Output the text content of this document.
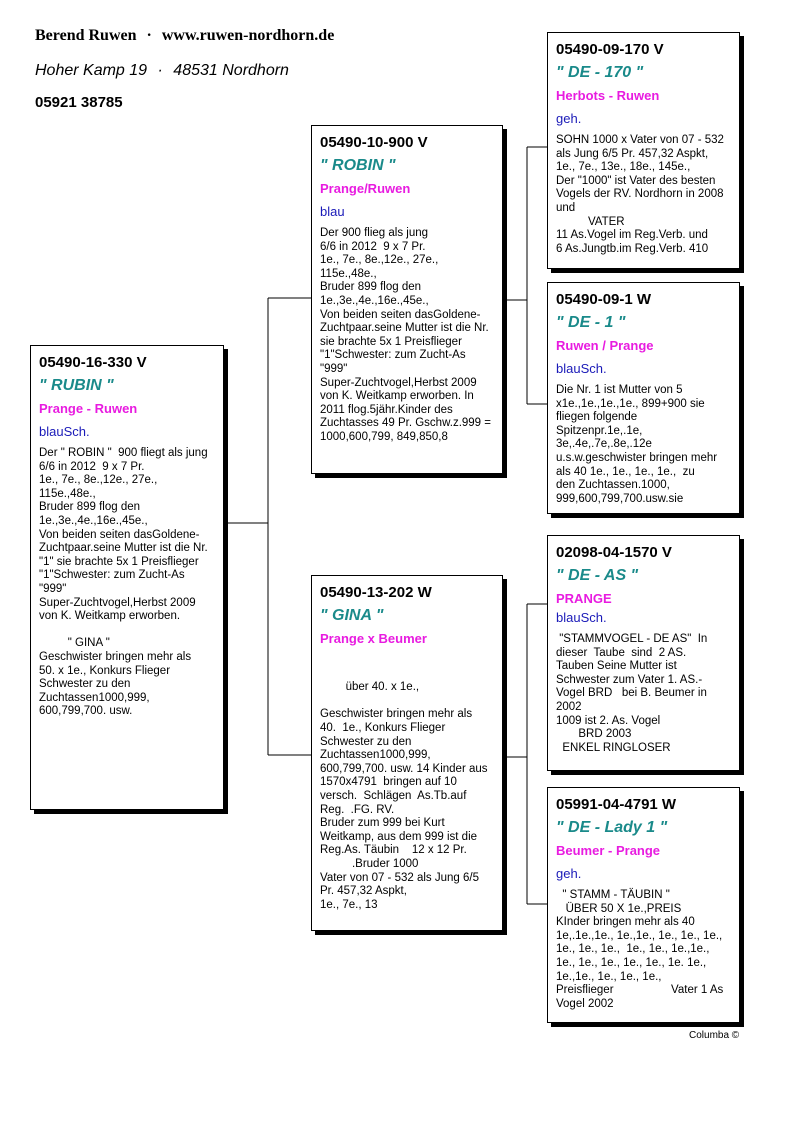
Berend Ruwen · www.ruwen-nordhorn.de
Hoher Kamp 19 · 48531 Nordhorn
05921 38785
05490-16-330 V
" RUBIN "
Prange - Ruwen
blauSch.
Der " ROBIN "  900 fliegt als jung
6/6 in 2012  9 x 7 Pr.
1e., 7e., 8e.,12e., 27e.,
115e.,48e.,
Bruder 899 flog den
1e.,3e.,4e.,16e.,45e.,
Von beiden seiten dasGoldene-
Zuchtpaar.seine Mutter ist die Nr.
"1" sie brachte 5x 1 Preisflieger
"1"Schwester: zum Zucht-As
"999"
Super-Zuchtvogel,Herbst 2009
von K. Weitkamp erworben.

" GINA "
Geschwister bringen mehr als
50. x 1e., Konkurs Flieger
Schwester zu den
Zuchtassen1000,999,
600,799,700. usw.
05490-10-900 V
" ROBIN "
Prange/Ruwen
blau
Der 900 flieg als jung
6/6 in 2012  9 x 7 Pr.
1e., 7e., 8e.,12e., 27e.,
115e.,48e.,
Bruder 899 flog den
1e.,3e.,4e.,16e.,45e.,
Von beiden seiten dasGoldene-
Zuchtpaar.seine Mutter ist die Nr.
sie brachte 5x 1 Preisflieger
"1"Schwester: zum Zucht-As
"999"
Super-Zuchtvogel,Herbst 2009
von K. Weitkamp erworben. In
2011 flog.5jähr.Kinder des
Zuchtasses 49 Pr. Gschw.z.999 =
1000,600,799, 849,850,8
05490-13-202 W
" GINA "
Prange x Beumer

über 40. x 1e.,

Geschwister bringen mehr als
40.  1e., Konkurs Flieger
Schwester zu den
Zuchtassen1000,999,
600,799,700. usw. 14 Kinder aus
1570x4791  bringen auf 10
versch.  Schlägen  As.Tb.auf
Reg.  .FG. RV.
Bruder zum 999 bei Kurt
Weitkamp, aus dem 999 ist die
Reg.As. Täubin    12 x 12 Pr.
.Bruder 1000
Vater von 07 - 532 als Jung 6/5
Pr. 457,32 Aspkt,
1e., 7e., 13
05490-09-170 V
" DE - 170 "
Herbots - Ruwen
geh.
SOHN 1000 x Vater von 07 - 532
als Jung 6/5 Pr. 457,32 Aspkt,
1e., 7e., 13e., 18e., 145e.,
Der "1000" ist Vater des besten
Vogels der RV. Nordhorn in 2008
und
VATER
11 As.Vogel im Reg.Verb. und
6 As.Jungtb.im Reg.Verb. 410
05490-09-1 W
" DE - 1 "
Ruwen / Prange
blauSch.
Die Nr. 1 ist Mutter von 5
x1e.,1e.,1e.,1e., 899+900 sie
fliegen folgende
Spitzenpr.1e,.1e,
3e,.4e,.7e,.8e,.12e
u.s.w.geschwister bringen mehr
als 40 1e., 1e., 1e., 1e.,  zu
den Zuchtassen.1000,
999,600,799,700.usw.sie
02098-04-1570 V
" DE - AS "
PRANGE
blauSch.
"STAMMVOGEL - DE AS"  In
dieser  Taube  sind  2 AS.
Tauben Seine Mutter ist
Schwester zum Vater 1. AS.-
Vogel BRD   bei B. Beumer in
2002
1009 ist 2. As. Vogel
BRD 2003
ENKEL RINGLOSER
05991-04-4791 W
" DE - Lady 1 "
Beumer - Prange
geh.
" STAMM - TÄUBIN "
ÜBER 50 X 1e.,PREIS
KInder bringen mehr als 40
1e,.1e.,1e., 1e.,1e., 1e., 1e., 1e.,
1e., 1e., 1e.,  1e., 1e., 1e.,1e.,
1e., 1e., 1e., 1e., 1e., 1e. 1e.,
1e.,1e., 1e., 1e., 1e.,
Preisflieger                  Vater 1 As
Vogel 2002
Columba ©
